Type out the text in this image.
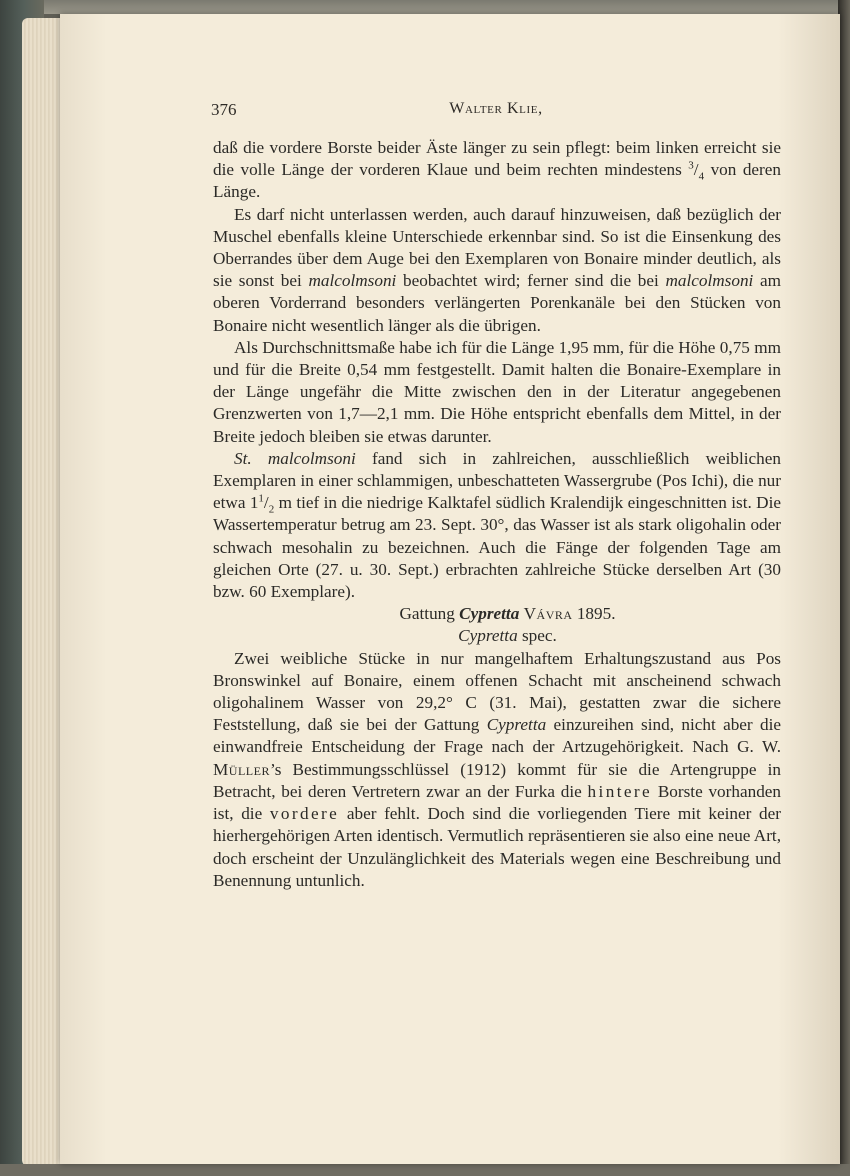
376	Walter Klie,

daß die vordere Borste beider Äste länger zu sein pflegt: beim linken erreicht sie die volle Länge der vorderen Klaue und beim rechten mindestens $^3/_4$ von deren Länge.

Es darf nicht unterlassen werden, auch darauf hinzuweisen, daß bezüglich der Muschel ebenfalls kleine Unterschiede erkennbar sind. So ist die Einsenkung des Oberrandes über dem Auge bei den Exemplaren von Bonaire minder deutlich, als sie sonst bei malcolmsoni beobachtet wird; ferner sind die bei malcolmsoni am oberen Vorderrand besonders verlängerten Porenkanäle bei den Stücken von Bonaire nicht wesentlich länger als die übrigen.

Als Durchschnittsmaße habe ich für die Länge 1,95 mm, für die Höhe 0,75 mm und für die Breite 0,54 mm festgestellt. Damit halten die Bonaire-Exemplare in der Länge ungefähr die Mitte zwischen den in der Literatur angegebenen Grenzwerten von 1,7—2,1 mm. Die Höhe entspricht ebenfalls dem Mittel, in der Breite jedoch bleiben sie etwas darunter.

St. malcolmsoni fand sich in zahlreichen, ausschließlich weiblichen Exemplaren in einer schlammigen, unbeschatteten Wassergrube (Pos Ichi), die nur etwa $1^1/_2$ m tief in die niedrige Kalktafel südlich Kralendijk eingeschnitten ist. Die Wassertemperatur betrug am 23. Sept. 30°, das Wasser ist als stark oligohalin oder schwach mesohalin zu bezeichnen. Auch die Fänge der folgenden Tage am gleichen Orte (27. u. 30. Sept.) erbrachten zahlreiche Stücke derselben Art (30 bzw. 60 Exemplare).

Gattung Cypretta Vávra 1895.

Cypretta spec.

Zwei weibliche Stücke in nur mangelhaftem Erhaltungszustand aus Pos Bronswinkel auf Bonaire, einem offenen Schacht mit anscheinend schwach oligohalinem Wasser von 29,2° C (31. Mai), gestatten zwar die sichere Feststellung, daß sie bei der Gattung Cypretta einzureihen sind, nicht aber die einwandfreie Entscheidung der Frage nach der Artzugehörigkeit. Nach G. W. Müller’s Bestimmungsschlüssel (1912) kommt für sie die Artengruppe in Betracht, bei deren Vertretern zwar an der Furka die hintere Borste vorhanden ist, die vordere aber fehlt. Doch sind die vorliegenden Tiere mit keiner der hierhergehörigen Arten identisch. Vermutlich repräsentieren sie also eine neue Art, doch erscheint der Unzulänglichkeit des Materials wegen eine Beschreibung und Benennung untunlich.
